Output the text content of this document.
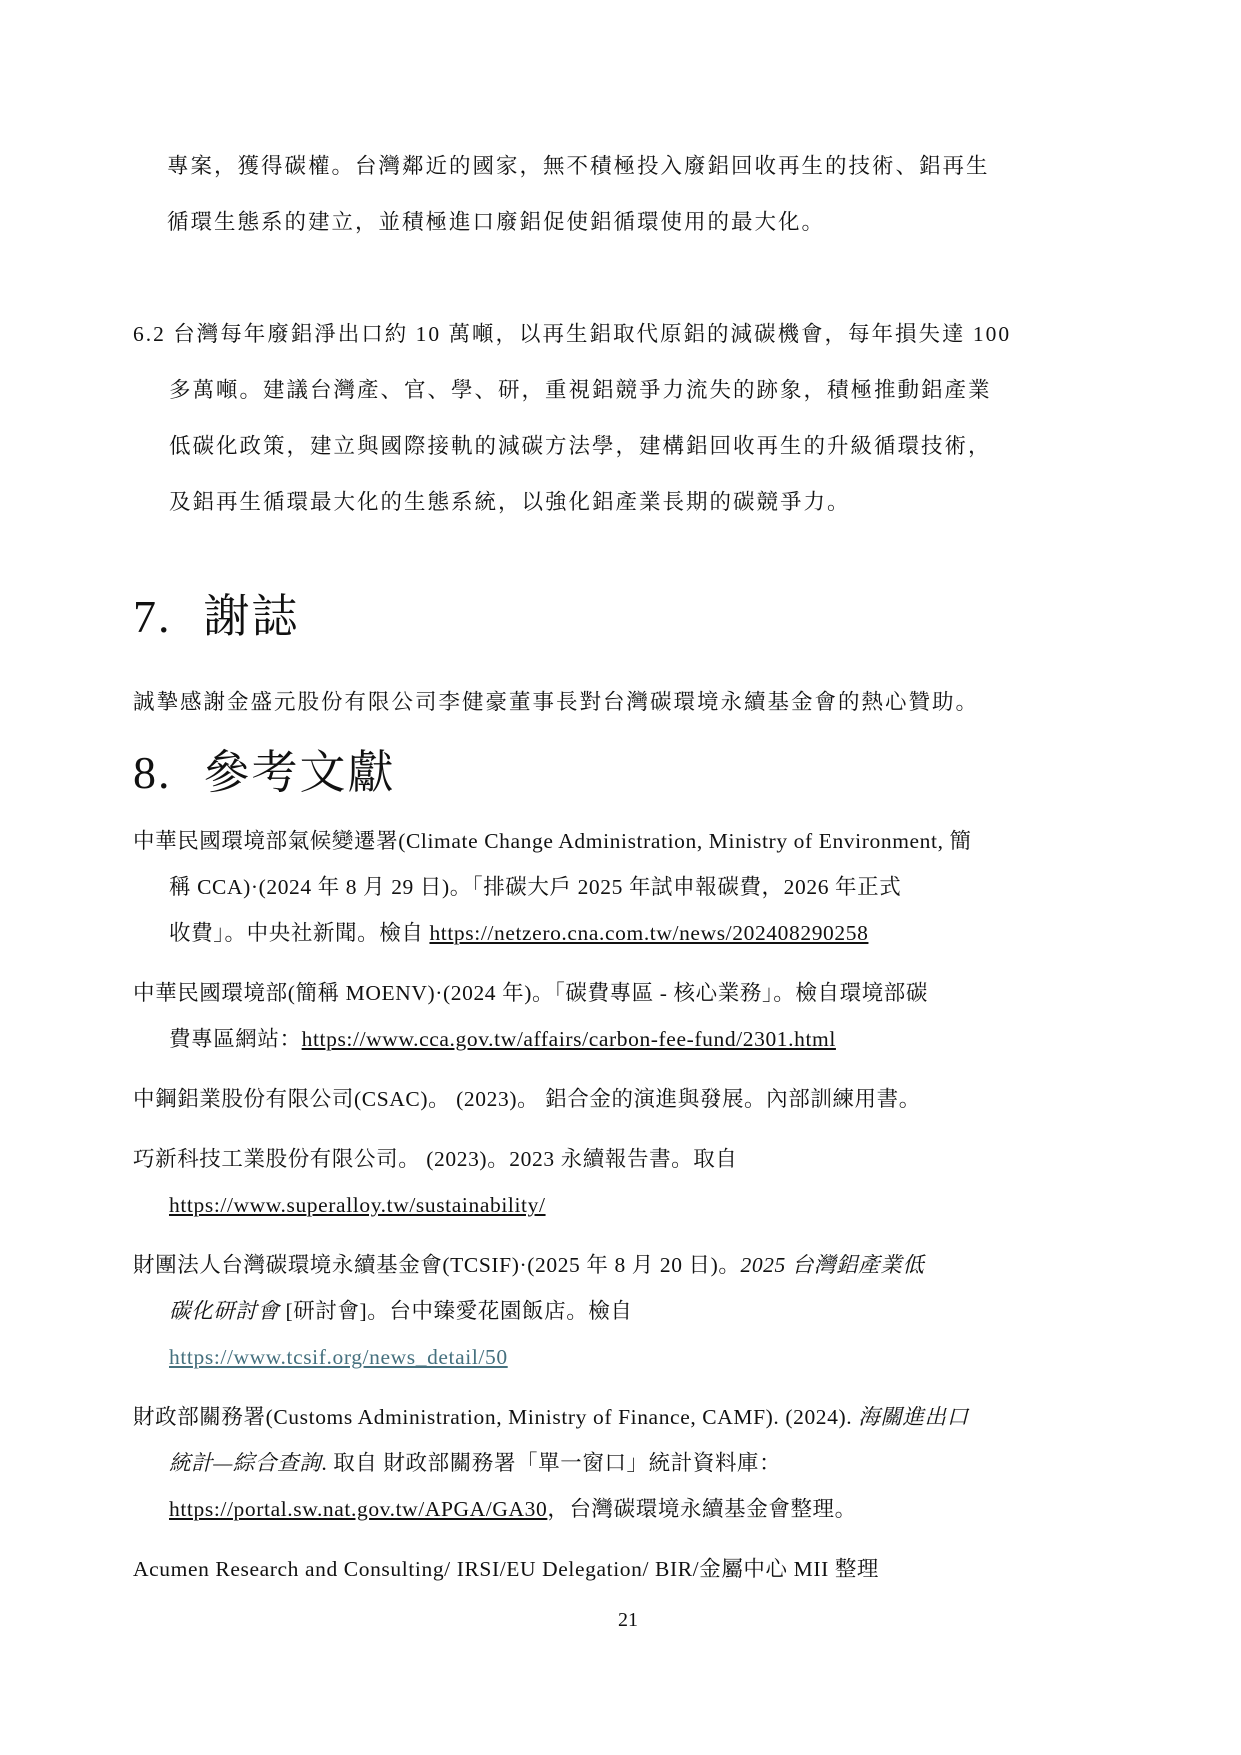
專案，獲得碳權。台灣鄰近的國家，無不積極投入廢鋁回收再生的技術、鋁再生
循環生態系的建立，並積極進口廢鋁促使鋁循環使用的最大化。
6.2 台灣每年廢鋁淨出口約 10 萬噸，以再生鋁取代原鋁的減碳機會，每年損失達 100
多萬噸。建議台灣產、官、學、研，重視鋁競爭力流失的跡象，積極推動鋁產業
低碳化政策，建立與國際接軌的減碳方法學，建構鋁回收再生的升級循環技術，
及鋁再生循環最大化的生態系統，以強化鋁產業長期的碳競爭力。
7. 謝誌

誠摯感謝金盛元股份有限公司李健豪董事長對台灣碳環境永續基金會的熱心贊助。

8. 參考文獻
中華民國環境部氣候變遷署(Climate Change Administration, Ministry of Environment, 簡
稱 CCA)·(2024 年 8 月 29 日)。「排碳大戶 2025 年試申報碳費，2026 年正式
收費」。中央社新聞。檢自 https://netzero.cna.com.tw/news/202408290258
中華民國環境部(簡稱 MOENV)·(2024 年)。「碳費專區 - 核心業務」。檢自環境部碳
費專區網站：https://www.cca.gov.tw/affairs/carbon-fee-fund/2301.html
中鋼鋁業股份有限公司(CSAC)。 (2023)。 鋁合金的演進與發展。內部訓練用書。
巧新科技工業股份有限公司。 (2023)。2023 永續報告書。取自
https://www.superalloy.tw/sustainability/
財團法人台灣碳環境永續基金會(TCSIF)·(2025 年 8 月 20 日)。2025 台灣鋁產業低
碳化研討會 [研討會]。台中臻愛花園飯店。檢自
https://www.tcsif.org/news_detail/50
財政部關務署(Customs Administration, Ministry of Finance, CAMF). (2024). 海關進出口
統計—綜合查詢. 取自 財政部關務署「單一窗口」統計資料庫：
https://portal.sw.nat.gov.tw/APGA/GA30，台灣碳環境永續基金會整理。
Acumen Research and Consulting/ IRSI/EU Delegation/ BIR/金屬中心 MII 整理
21
